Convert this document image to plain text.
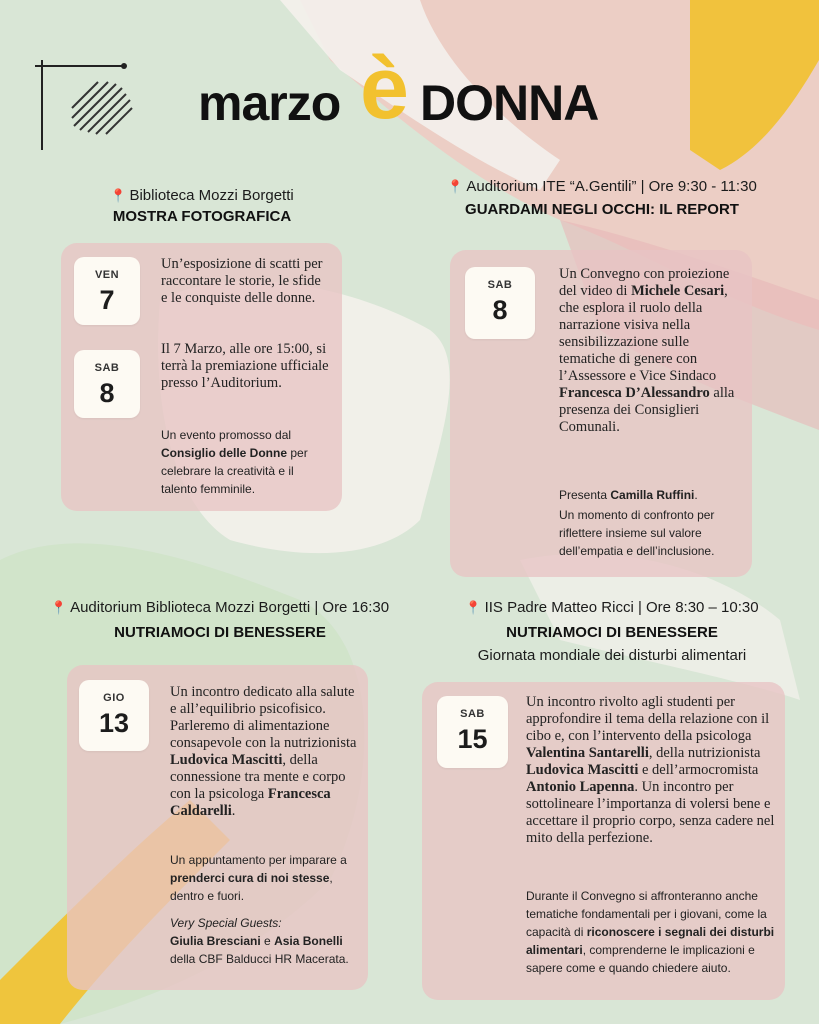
marzo è DONNA
📍 Biblioteca Mozzi Borgetti
MOSTRA FOTOGRAFICA
VEN
7
SAB
8
Un’esposizione di scatti per raccontare le storie, le sfide e le conquiste delle donne.
Il 7 Marzo, alle ore 15:00, si terrà la premiazione ufficiale presso l’Auditorium.
Un evento promosso dal Consiglio delle Donne per celebrare la creatività e il talento femminile.
📍 Auditorium ITE “A.Gentili” | Ore 9:30 - 11:30
GUARDAMI NEGLI OCCHI: IL REPORT
SAB
8
Un Convegno con proiezione del video di Michele Cesari, che esplora il ruolo della narrazione visiva nella sensibilizzazione sulle tematiche di genere con l’Assessore e Vice Sindaco Francesca D’Alessandro alla presenza dei Consiglieri Comunali.
Presenta Camilla Ruffini.
Un momento di confronto per riflettere insieme sul valore dell’empatia e dell’inclusione.
📍 Auditorium Biblioteca Mozzi Borgetti | Ore 16:30
NUTRIAMOCI DI BENESSERE
GIO
13
Un incontro dedicato alla salute e all’equilibrio psicofisico. Parleremo di alimentazione consapevole con la nutrizionista Ludovica Mascitti, della connessione tra mente e corpo con la psicologa Francesca Caldarelli.
Un appuntamento per imparare a prenderci cura di noi stesse, dentro e fuori.
Very Special Guests:
Giulia Bresciani e Asia Bonelli
della CBF Balducci HR Macerata.
📍 IIS Padre Matteo Ricci | Ore 8:30 – 10:30
NUTRIAMOCI DI BENESSERE
Giornata mondiale dei disturbi alimentari
SAB
15
Un incontro rivolto agli studenti per approfondire il tema della relazione con il cibo e, con l’intervento della psicologa Valentina Santarelli, della nutrizionista Ludovica Mascitti e dell’armocromista Antonio Lapenna. Un incontro per sottolineare l’importanza di volersi bene e accettare il proprio corpo, senza cadere nel mito della perfezione.
Durante il Convegno si affronteranno anche tematiche fondamentali per i giovani, come la capacità di riconoscere i segnali dei disturbi alimentari, comprenderne le implicazioni e sapere come e quando chiedere aiuto.
